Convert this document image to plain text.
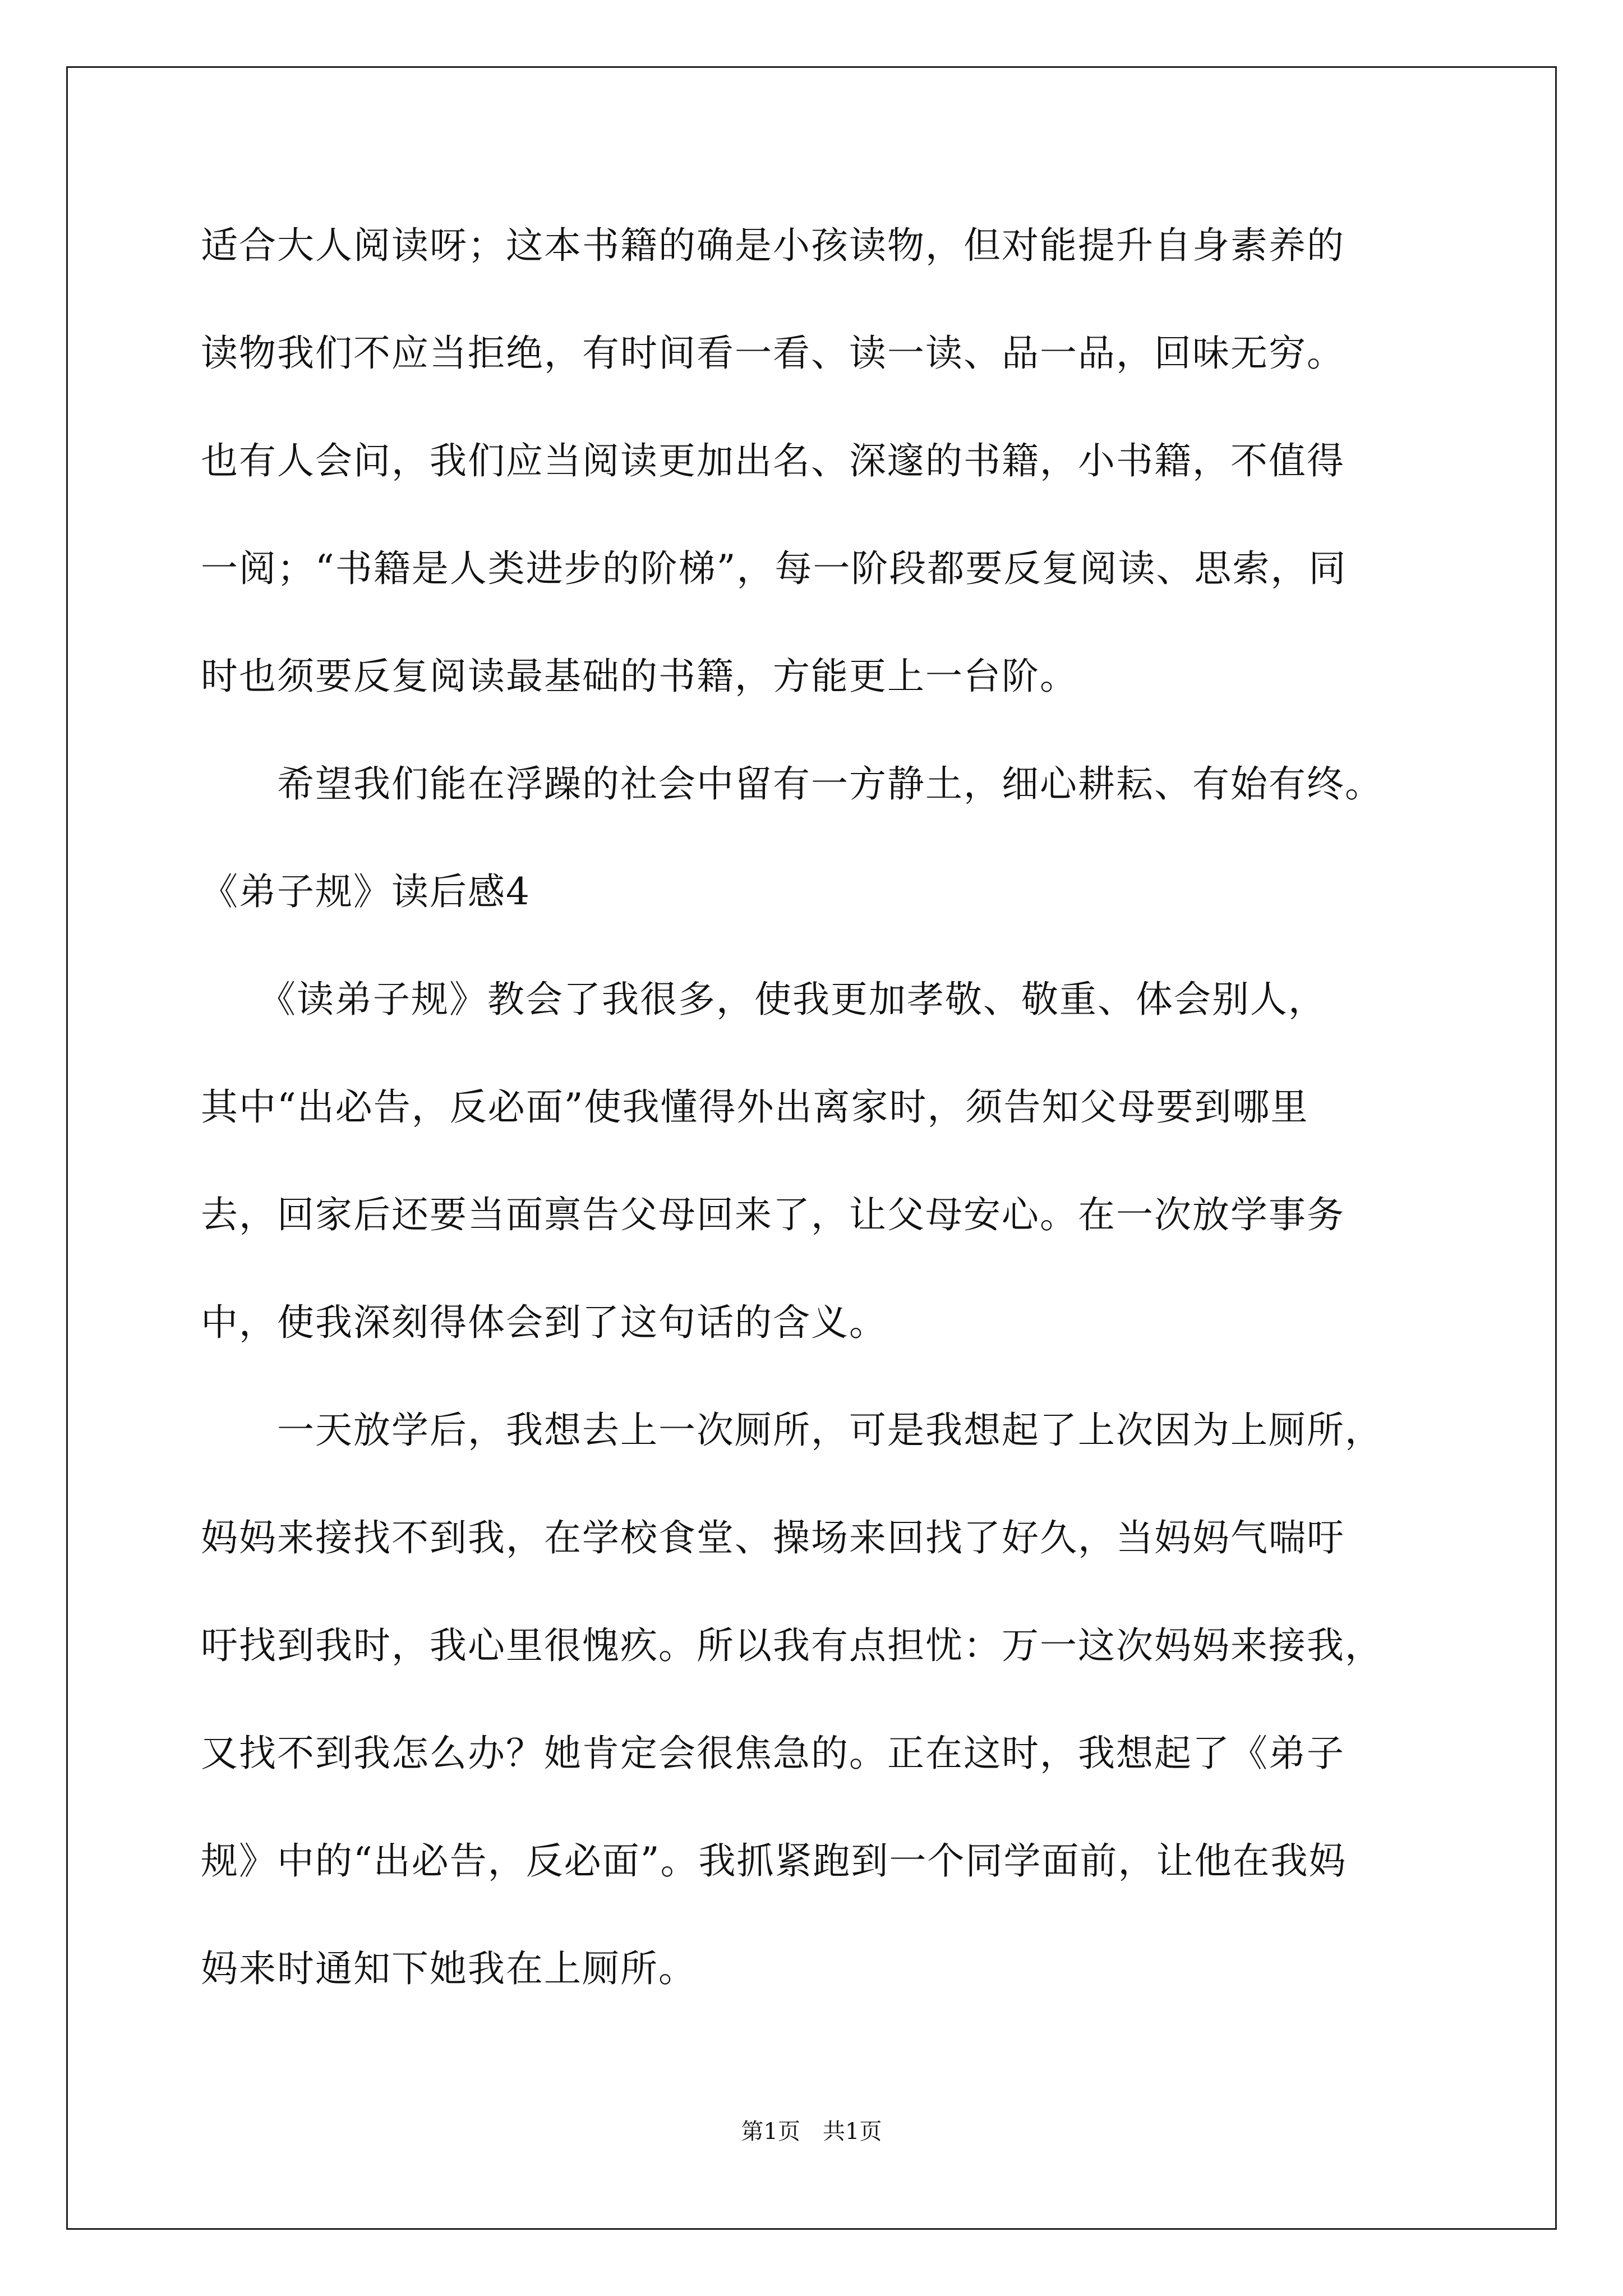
适合大人阅读呀；这本书籍的确是小孩读物，但对能提升自身素养的
读物我们不应当拒绝，有时间看一看、读一读、品一品，回味无穷。
也有人会问，我们应当阅读更加出名、深邃的书籍，小书籍，不值得
一阅；“书籍是人类进步的阶梯”，每一阶段都要反复阅读、思索，同
时也须要反复阅读最基础的书籍，方能更上一台阶。
　　希望我们能在浮躁的社会中留有一方静土，细心耕耘、有始有终。
《弟子规》读后感4
　　《读弟子规》教会了我很多，使我更加孝敬、敬重、体会别人，
其中“出必告，反必面”使我懂得外出离家时，须告知父母要到哪里
去，回家后还要当面禀告父母回来了，让父母安心。在一次放学事务
中，使我深刻得体会到了这句话的含义。
　　一天放学后，我想去上一次厕所，可是我想起了上次因为上厕所，
妈妈来接找不到我，在学校食堂、操场来回找了好久，当妈妈气喘吁
吁找到我时，我心里很愧疚。所以我有点担忧：万一这次妈妈来接我，
又找不到我怎么办？她肯定会很焦急的。正在这时，我想起了《弟子
规》中的“出必告，反必面”。我抓紧跑到一个同学面前，让他在我妈
妈来时通知下她我在上厕所。
第1页　共1页
